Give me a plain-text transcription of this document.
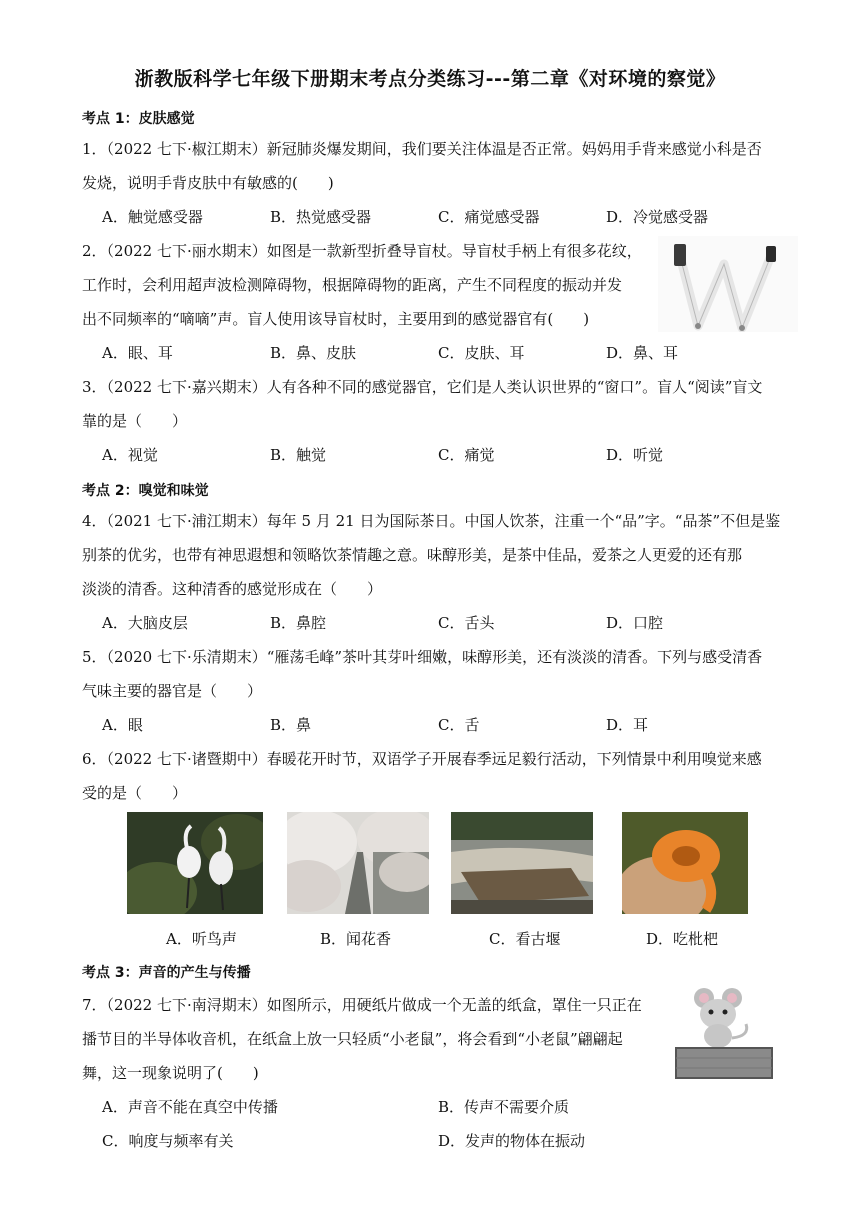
浙教版科学七年级下册期末考点分类练习---第二章《对环境的察觉》
考点 1：皮肤感觉
1．（2022 七下·椒江期末）新冠肺炎爆发期间，我们要关注体温是否正常。妈妈用手背来感觉小科是否
发烧，说明手背皮肤中有敏感的(　　)
A．触觉感受器	B．热觉感受器	C．痛觉感受器	D．冷觉感受器
2．（2022 七下·丽水期末）如图是一款新型折叠导盲杖。导盲杖手柄上有很多花纹，
工作时，会利用超声波检测障碍物，根据障碍物的距离，产生不同程度的振动并发
出不同频率的“嘀嘀”声。盲人使用该导盲杖时，主要用到的感觉器官有(　　)
A．眼、耳	B．鼻、皮肤	C．皮肤、耳	D．鼻、耳
3．（2022 七下·嘉兴期末）人有各种不同的感觉器官，它们是人类认识世界的“窗口”。盲人“阅读”盲文
靠的是（　　）
A．视觉	B．触觉	C．痛觉	D．听觉
考点 2：嗅觉和味觉
4．（2021 七下·浦江期末）每年 5 月 21 日为国际茶日。中国人饮茶，注重一个“品”字。“品茶”不但是鉴
别茶的优劣，也带有神思遐想和领略饮茶情趣之意。味醇形美，是茶中佳品，爱茶之人更爱的还有那
淡淡的清香。这种清香的感觉形成在（　　）
A．大脑皮层	B．鼻腔	C．舌头	D．口腔
5．（2020 七下·乐清期末）“雁荡毛峰”茶叶其芽叶细嫩，味醇形美，还有淡淡的清香。下列与感受清香
气味主要的器官是（　　）
A．眼	B．鼻	C．舌	D．耳
6．（2022 七下·诸暨期中）春暖花开时节，双语学子开展春季远足毅行活动，下列情景中利用嗅觉来感
受的是（　　）
A．听鸟声	B．闻花香	C．看古堰	D．吃枇杷
考点 3：声音的产生与传播
7．（2022 七下·南浔期末）如图所示，用硬纸片做成一个无盖的纸盒，罩住一只正在
播节目的半导体收音机，在纸盒上放一只轻质“小老鼠”，将会看到“小老鼠”翩翩起
舞，这一现象说明了(　　)
A．声音不能在真空中传播	B．传声不需要介质
C．响度与频率有关	D．发声的物体在振动
